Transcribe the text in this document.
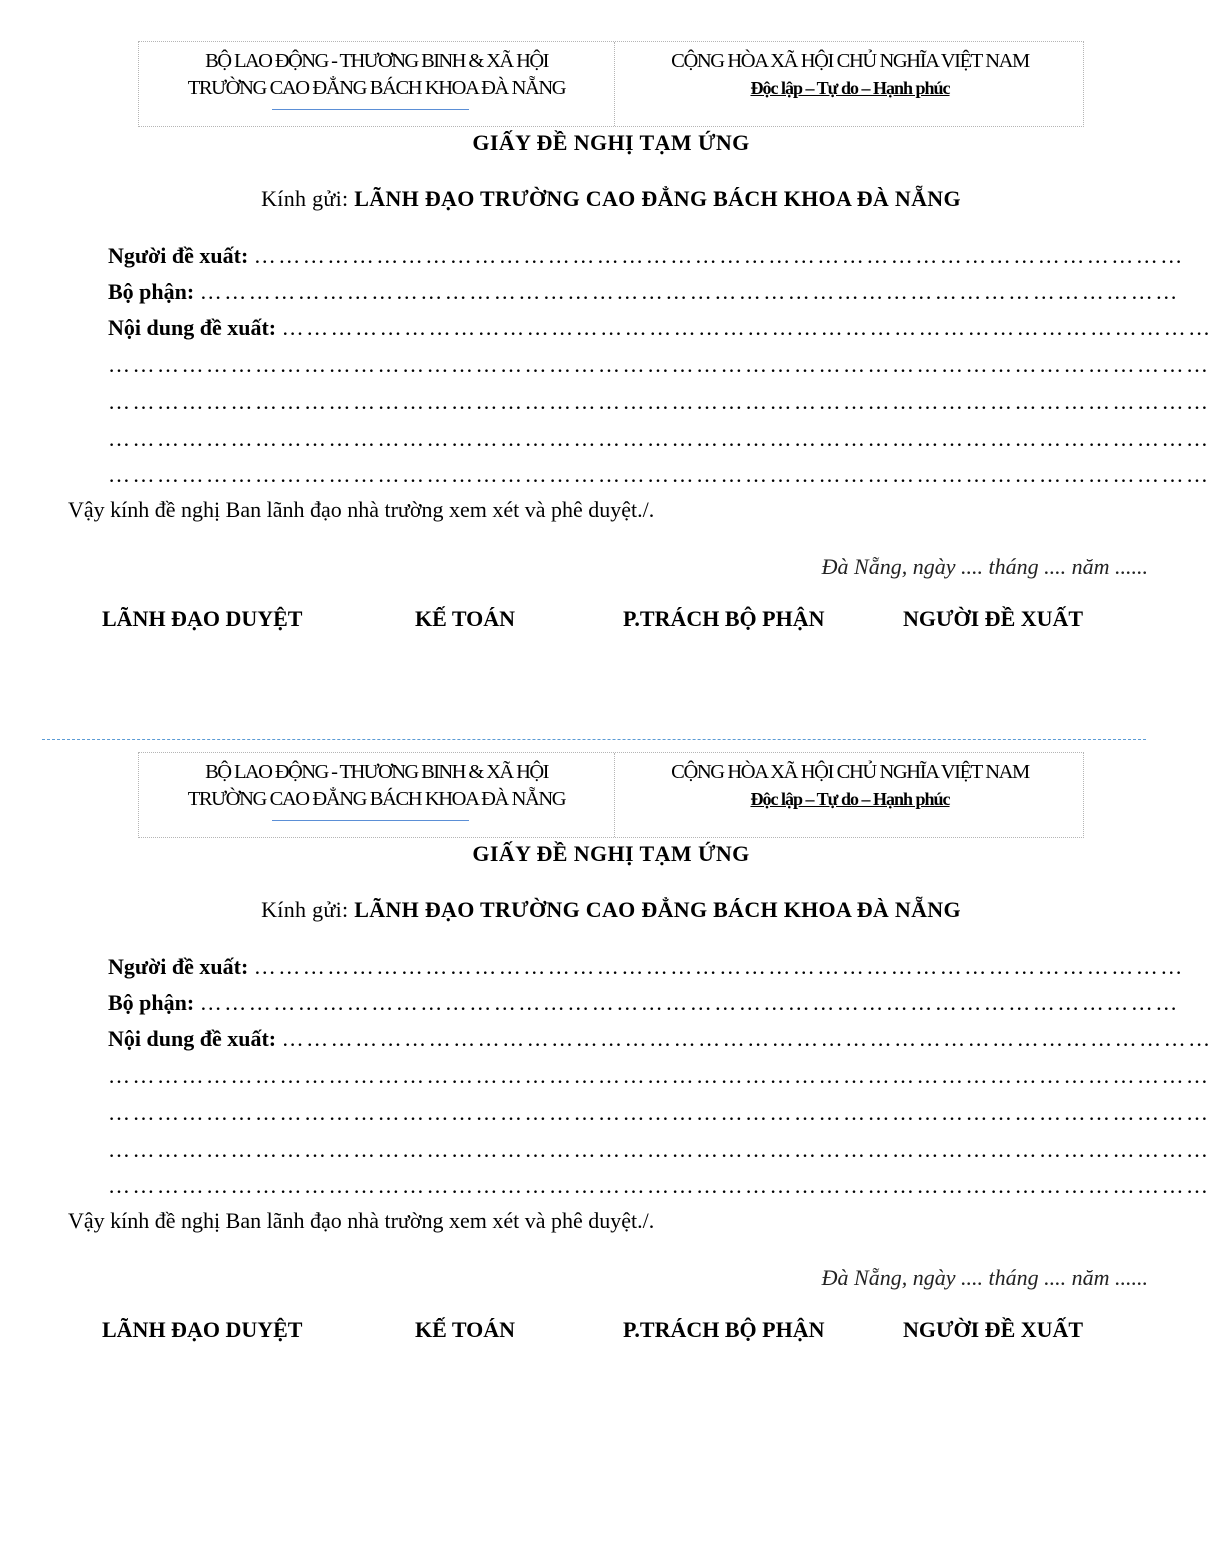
BỘ LAO ĐỘNG - THƯƠNG BINH & XÃ HỘI
TRƯỜNG CAO ĐẲNG BÁCH KHOA ĐÀ NẴNG
CỘNG HÒA XÃ HỘI CHỦ NGHĨA VIỆT NAM
Độc lập – Tự do – Hạnh phúc
GIẤY ĐỀ NGHỊ TẠM ỨNG
Kính gửi: LÃNH ĐẠO TRƯỜNG CAO ĐẲNG BÁCH KHOA ĐÀ NẴNG
Người đề xuất: ……………………………………………………………………………………………………
Bộ phận: …………………………………………………………………………………………………………
Nội dung đề xuất: ……………………………………………………………………………………………………
………………………………………………………………………………………………………………………
………………………………………………………………………………………………………………………
………………………………………………………………………………………………………………………
………………………………………………………………………………………………………………………
Vậy kính đề nghị Ban lãnh đạo nhà trường xem xét và phê duyệt./.
Đà Nẵng, ngày .... tháng .... năm ......
LÃNH ĐẠO DUYỆT	KẾ TOÁN	P.TRÁCH BỘ PHẬN	NGƯỜI ĐỀ XUẤT
BỘ LAO ĐỘNG - THƯƠNG BINH & XÃ HỘI
TRƯỜNG CAO ĐẲNG BÁCH KHOA ĐÀ NẴNG
CỘNG HÒA XÃ HỘI CHỦ NGHĨA VIỆT NAM
Độc lập – Tự do – Hạnh phúc
GIẤY ĐỀ NGHỊ TẠM ỨNG
Kính gửi: LÃNH ĐẠO TRƯỜNG CAO ĐẲNG BÁCH KHOA ĐÀ NẴNG
Người đề xuất: ……………………………………………………………………………………………………
Bộ phận: …………………………………………………………………………………………………………
Nội dung đề xuất: ……………………………………………………………………………………………………
………………………………………………………………………………………………………………………
………………………………………………………………………………………………………………………
………………………………………………………………………………………………………………………
………………………………………………………………………………………………………………………
Vậy kính đề nghị Ban lãnh đạo nhà trường xem xét và phê duyệt./.
Đà Nẵng, ngày .... tháng .... năm ......
LÃNH ĐẠO DUYỆT	KẾ TOÁN	P.TRÁCH BỘ PHẬN	NGƯỜI ĐỀ XUẤT
